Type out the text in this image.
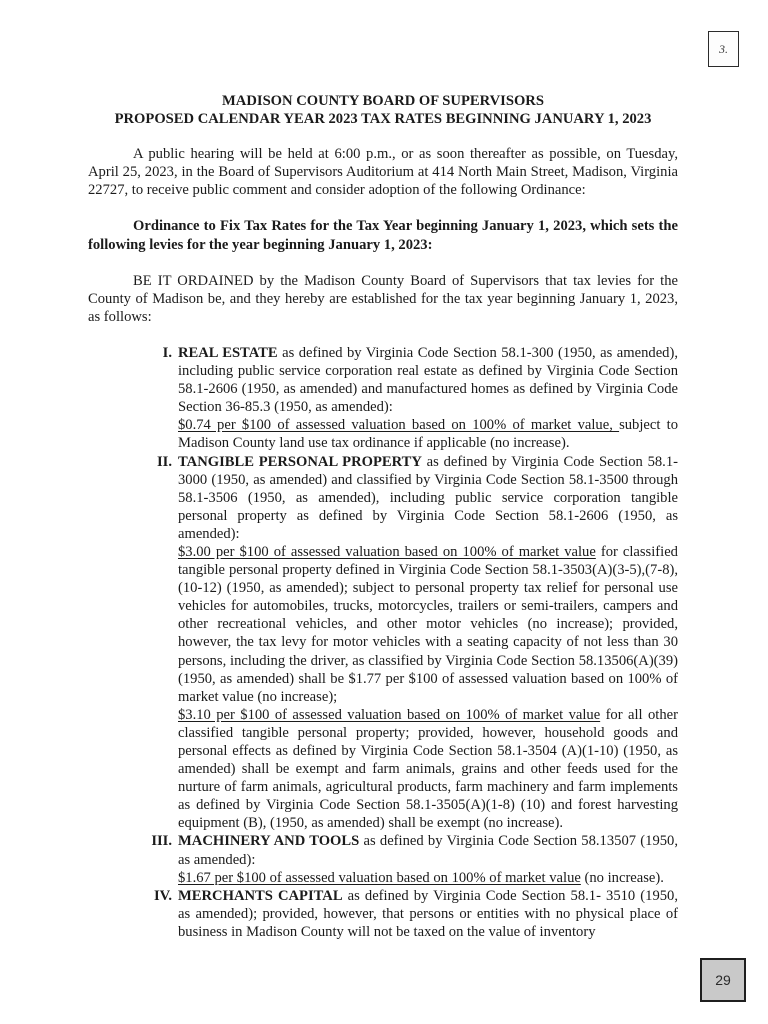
3.
MADISON COUNTY BOARD OF SUPERVISORS
PROPOSED CALENDAR YEAR 2023 TAX RATES BEGINNING JANUARY 1, 2023

A public hearing will be held at 6:00 p.m., or as soon thereafter as possible, on Tuesday, April 25, 2023, in the Board of Supervisors Auditorium at 414 North Main Street, Madison, Virginia 22727, to receive public comment and consider adoption of the following Ordinance:

Ordinance to Fix Tax Rates for the Tax Year beginning January 1, 2023, which sets the following levies for the year beginning January 1, 2023:

BE IT ORDAINED by the Madison County Board of Supervisors that tax levies for the County of Madison be, and they hereby are established for the tax year beginning January 1, 2023, as follows:

I. REAL ESTATE as defined by Virginia Code Section 58.1-300 (1950, as amended), including public service corporation real estate as defined by Virginia Code Section 58.1-2606 (1950, as amended) and manufactured homes as defined by Virginia Code Section 36-85.3 (1950, as amended):
$0.74 per $100 of assessed valuation based on 100% of market value, subject to Madison County land use tax ordinance if applicable (no increase).
II. TANGIBLE PERSONAL PROPERTY as defined by Virginia Code Section 58.1-3000 (1950, as amended) and classified by Virginia Code Section 58.1-3500 through 58.1-3506 (1950, as amended), including public service corporation tangible personal property as defined by Virginia Code Section 58.1-2606 (1950, as amended):
$3.00 per $100 of assessed valuation based on 100% of market value for classified tangible personal property defined in Virginia Code Section 58.1-3503(A)(3-5),(7-8),(10-12) (1950, as amended); subject to personal property tax relief for personal use vehicles for automobiles, trucks, motorcycles, trailers or semi-trailers, campers and other recreational vehicles, and other motor vehicles (no increase); provided, however, the tax levy for motor vehicles with a seating capacity of not less than 30 persons, including the driver, as classified by Virginia Code Section 58.13506(A)(39) (1950, as amended) shall be $1.77 per $100 of assessed valuation based on 100% of market value (no increase);
$3.10 per $100 of assessed valuation based on 100% of market value for all other classified tangible personal property; provided, however, household goods and personal effects as defined by Virginia Code Section 58.1-3504 (A)(1-10) (1950, as amended) shall be exempt and farm animals, grains and other feeds used for the nurture of farm animals, agricultural products, farm machinery and farm implements as defined by Virginia Code Section 58.1-3505(A)(1-8) (10) and forest harvesting equipment (B), (1950, as amended) shall be exempt (no increase).
III. MACHINERY AND TOOLS as defined by Virginia Code Section 58.13507 (1950, as amended):
$1.67 per $100 of assessed valuation based on 100% of market value (no increase).
IV. MERCHANTS CAPITAL as defined by Virginia Code Section 58.1- 3510 (1950, as amended); provided, however, that persons or entities with no physical place of business in Madison County will not be taxed on the value of inventory
29
